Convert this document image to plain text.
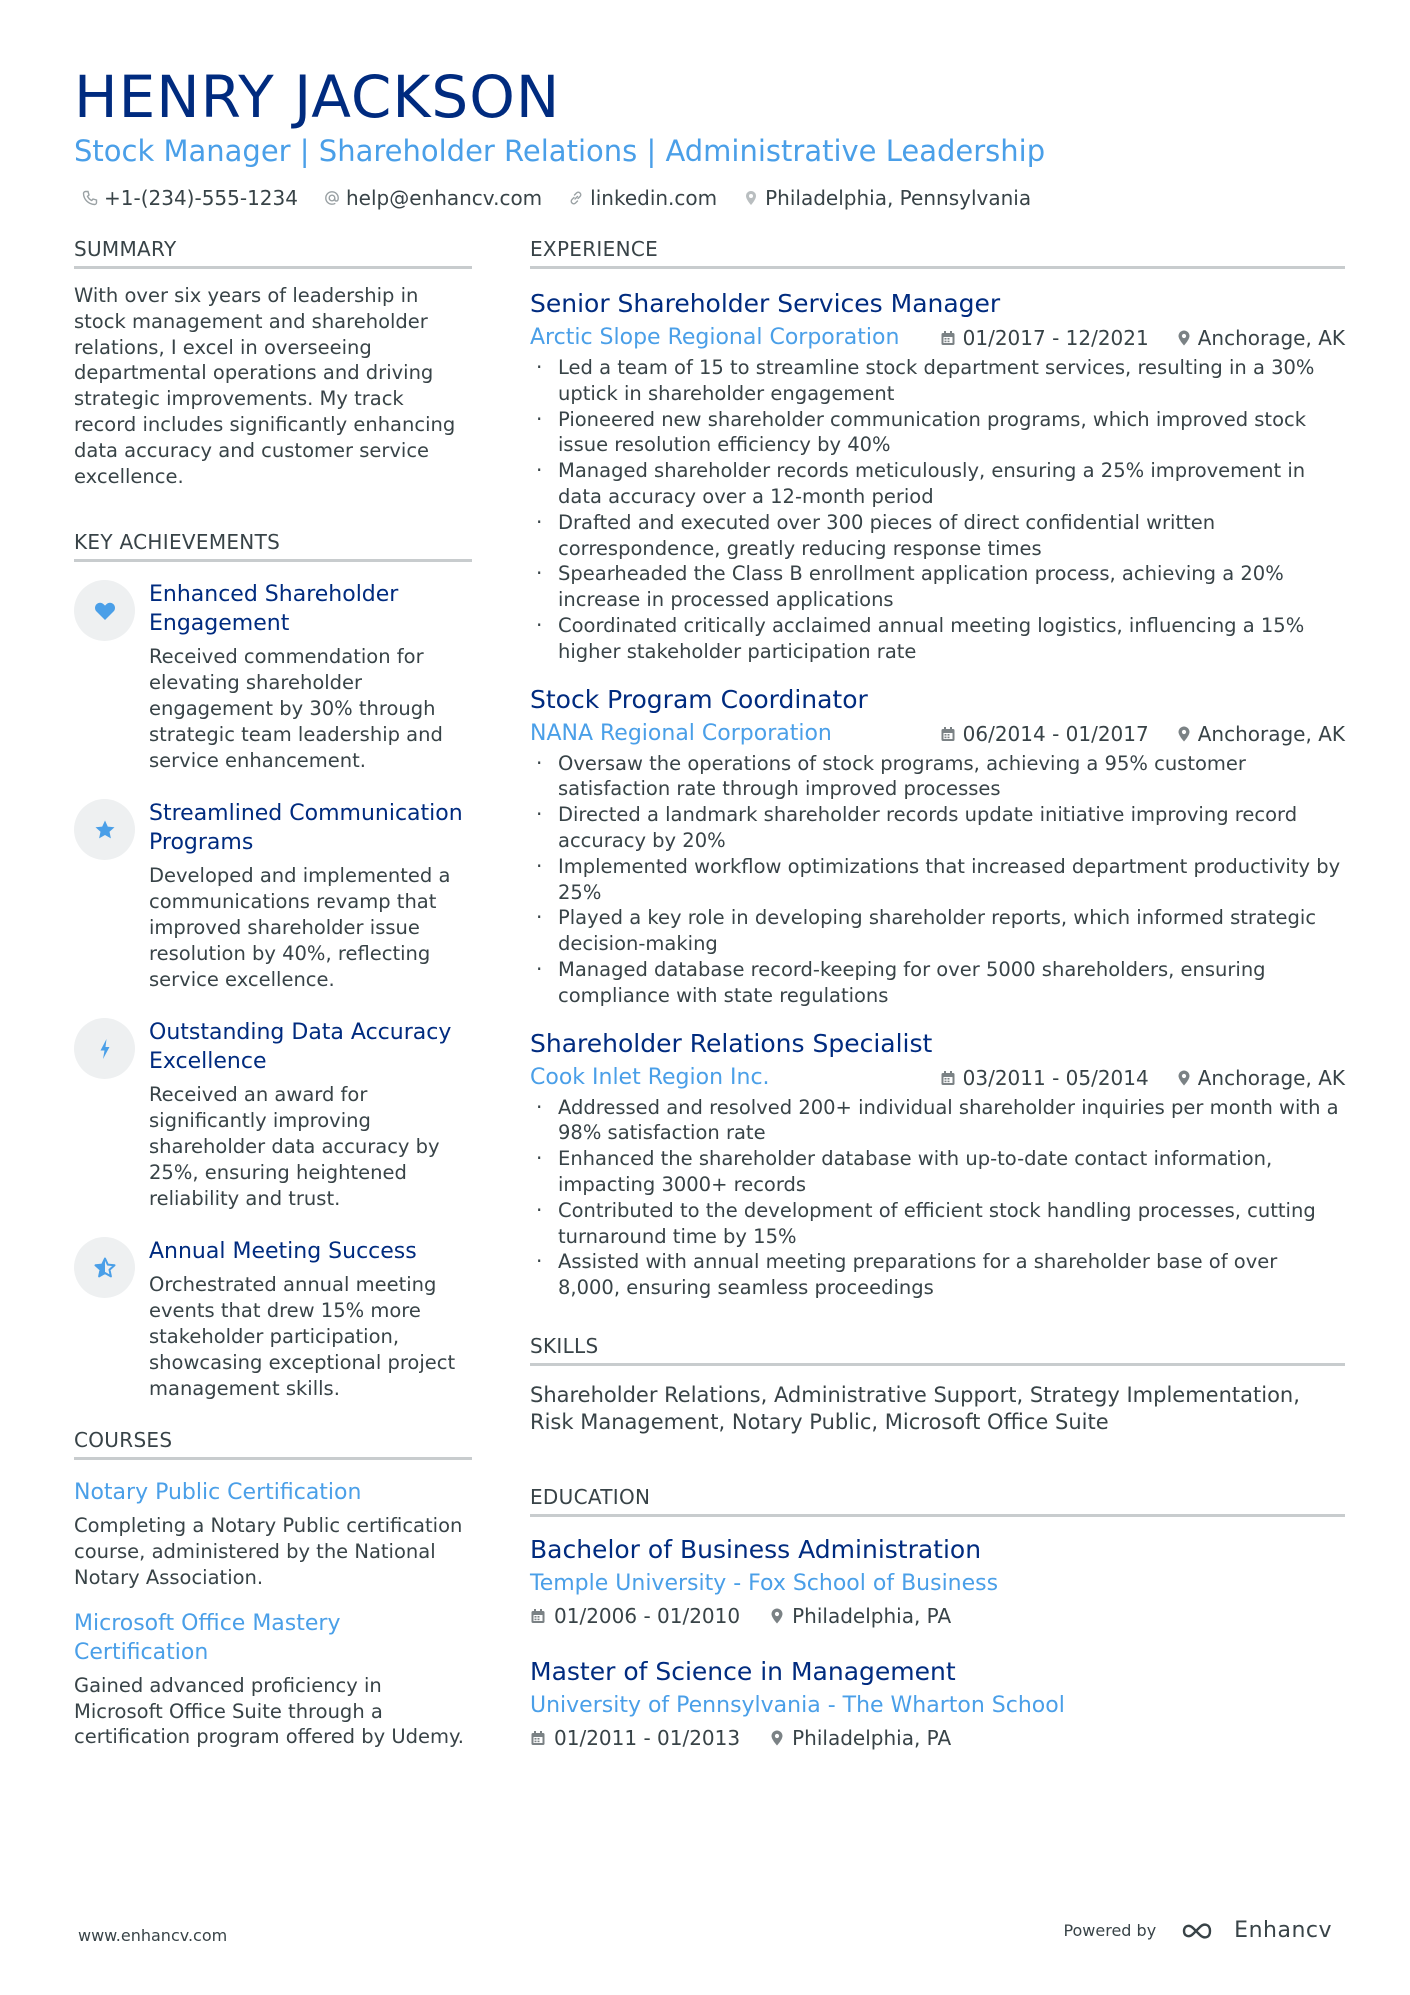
HENRY JACKSON
Stock Manager | Shareholder Relations | Administrative Leadership
+1-(234)-555-1234 help@enhancv.com linkedin.com Philadelphia, Pennsylvania
SUMMARY
With over six years of leadership in stock management and shareholder relations, I excel in overseeing departmental operations and driving strategic improvements. My track record includes significantly enhancing data accuracy and customer service excellence.
KEY ACHIEVEMENTS
Enhanced Shareholder Engagement
Received commendation for elevating shareholder engagement by 30% through strategic team leadership and service enhancement.
Streamlined Communication Programs
Developed and implemented a communications revamp that improved shareholder issue resolution by 40%, reflecting service excellence.
Outstanding Data Accuracy Excellence
Received an award for significantly improving shareholder data accuracy by 25%, ensuring heightened reliability and trust.
Annual Meeting Success
Orchestrated annual meeting events that drew 15% more stakeholder participation, showcasing exceptional project management skills.
COURSES
Notary Public Certification
Completing a Notary Public certification course, administered by the National Notary Association.
Microsoft Office Mastery Certification
Gained advanced proficiency in Microsoft Office Suite through a certification program offered by Udemy.
EXPERIENCE
Senior Shareholder Services Manager
Arctic Slope Regional Corporation	01/2017 - 12/2021 Anchorage, AK
· Led a team of 15 to streamline stock department services, resulting in a 30% uptick in shareholder engagement
· Pioneered new shareholder communication programs, which improved stock issue resolution efficiency by 40%
· Managed shareholder records meticulously, ensuring a 25% improvement in data accuracy over a 12-month period
· Drafted and executed over 300 pieces of direct confidential written correspondence, greatly reducing response times
· Spearheaded the Class B enrollment application process, achieving a 20% increase in processed applications
· Coordinated critically acclaimed annual meeting logistics, influencing a 15% higher stakeholder participation rate
Stock Program Coordinator
NANA Regional Corporation	06/2014 - 01/2017 Anchorage, AK
· Oversaw the operations of stock programs, achieving a 95% customer satisfaction rate through improved processes
· Directed a landmark shareholder records update initiative improving record accuracy by 20%
· Implemented workflow optimizations that increased department productivity by 25%
· Played a key role in developing shareholder reports, which informed strategic decision-making
· Managed database record-keeping for over 5000 shareholders, ensuring compliance with state regulations
Shareholder Relations Specialist
Cook Inlet Region Inc.	03/2011 - 05/2014 Anchorage, AK
· Addressed and resolved 200+ individual shareholder inquiries per month with a 98% satisfaction rate
· Enhanced the shareholder database with up-to-date contact information, impacting 3000+ records
· Contributed to the development of efficient stock handling processes, cutting turnaround time by 15%
· Assisted with annual meeting preparations for a shareholder base of over 8,000, ensuring seamless proceedings
SKILLS
Shareholder Relations, Administrative Support, Strategy Implementation, Risk Management, Notary Public, Microsoft Office Suite
EDUCATION
Bachelor of Business Administration
Temple University - Fox School of Business
01/2006 - 01/2010	Philadelphia, PA
Master of Science in Management
University of Pennsylvania - The Wharton School
01/2011 - 01/2013	Philadelphia, PA
www.enhancv.com	Powered by	Enhancv
